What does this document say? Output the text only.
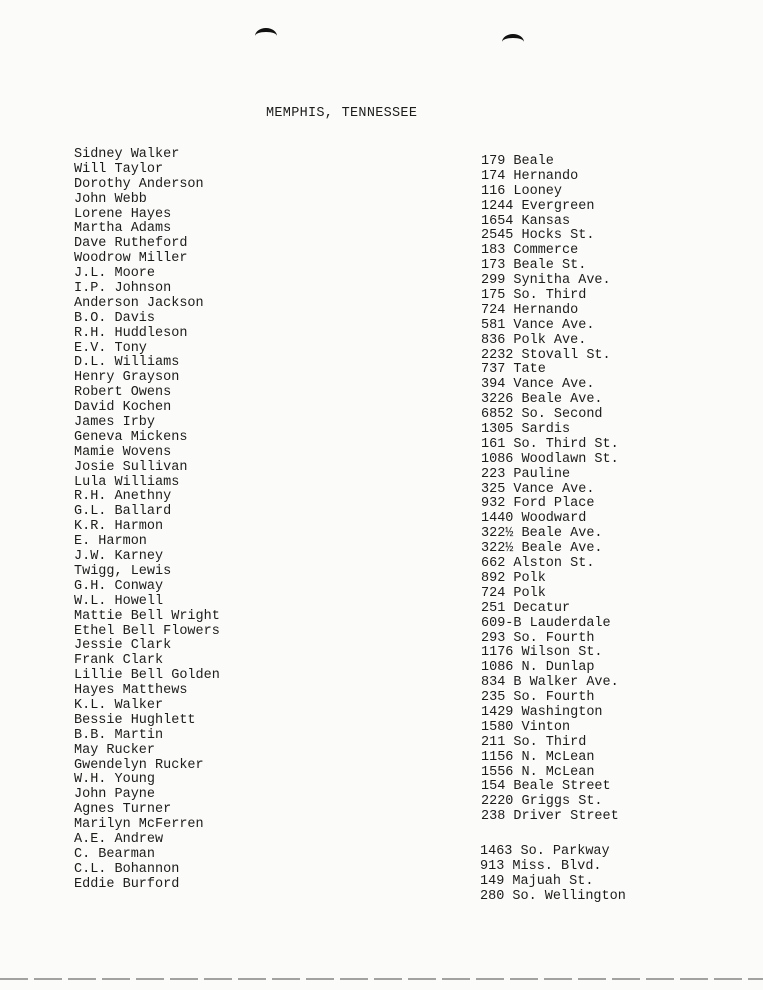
MEMPHIS, TENNESSEE
Sidney Walker
Will Taylor
Dorothy Anderson
John Webb
Lorene Hayes
Martha Adams
Dave Rutheford
Woodrow Miller
J.L. Moore
I.P. Johnson
Anderson Jackson
B.O. Davis
R.H. Huddleson
E.V. Tony
D.L. Williams
Henry Grayson
Robert Owens
David Kochen
James Irby
Geneva Mickens
Mamie Wovens
Josie Sullivan
Lula Williams
R.H. Anethny
G.L. Ballard
K.R. Harmon
E. Harmon
J.W. Karney
Twigg, Lewis
G.H. Conway
W.L. Howell
Mattie Bell Wright
Ethel Bell Flowers
Jessie Clark
Frank Clark
Lillie Bell Golden
Hayes Matthews
K.L. Walker
Bessie Hughlett
B.B. Martin
May Rucker
Gwendelyn Rucker
W.H. Young
John Payne
Agnes Turner
Marilyn McFerren
A.E. Andrew
C. Bearman
C.L. Bohannon
Eddie Burford
179 Beale
174 Hernando
116 Looney
1244 Evergreen
1654 Kansas
2545 Hocks St.
183 Commerce
173 Beale St.
299 Synitha Ave.
175 So. Third
724 Hernando
581 Vance Ave.
836 Polk Ave.
2232 Stovall St.
737 Tate
394 Vance Ave.
3226 Beale Ave.
6852 So. Second
1305 Sardis
161 So. Third St.
1086 Woodlawn St.
223 Pauline
325 Vance Ave.
932 Ford Place
1440 Woodward
322½ Beale Ave.
322½ Beale Ave.
662 Alston St.
892 Polk
724 Polk
251 Decatur
609-B Lauderdale
293 So. Fourth
1176 Wilson St.
1086 N. Dunlap
834 B Walker Ave.
235 So. Fourth
1429 Washington
1580 Vinton
211 So. Third
1156 N. McLean
1556 N. McLean
154 Beale Street
2220 Griggs St.
238 Driver Street
1463 So. Parkway
913 Miss. Blvd.
149 Majuah St.
280 So. Wellington
